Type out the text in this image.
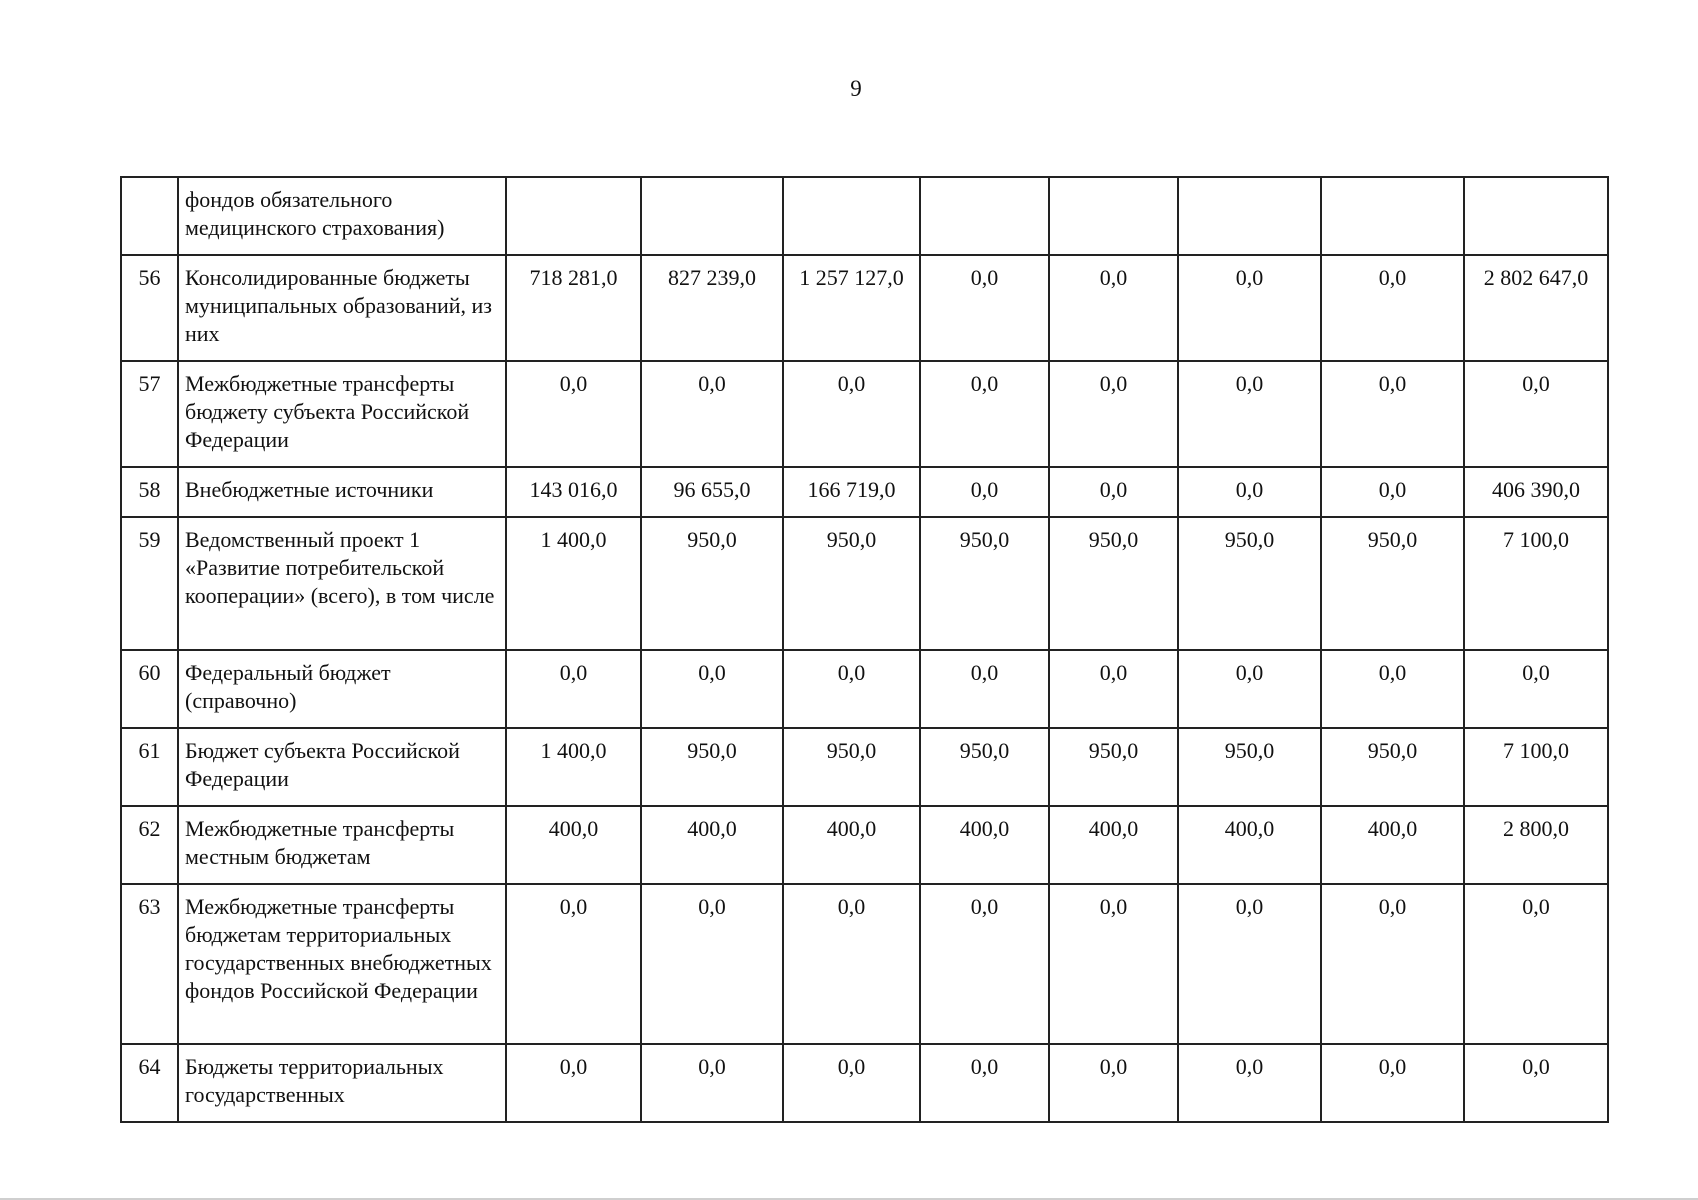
9
	фондов обязательного медицинского страхования)								
56	Консолидированные бюджеты муниципальных образований, из них	718 281,0	827 239,0	1 257 127,0	0,0	0,0	0,0	0,0	2 802 647,0
57	Межбюджетные трансферты бюджету субъекта Российской Федерации	0,0	0,0	0,0	0,0	0,0	0,0	0,0	0,0
58	Внебюджетные источники	143 016,0	96 655,0	166 719,0	0,0	0,0	0,0	0,0	406 390,0
59	Ведомственный проект 1 «Развитие потребительской кооперации» (всего), в том числе	1 400,0	950,0	950,0	950,0	950,0	950,0	950,0	7 100,0
60	Федеральный бюджет (справочно)	0,0	0,0	0,0	0,0	0,0	0,0	0,0	0,0
61	Бюджет субъекта Российской Федерации	1 400,0	950,0	950,0	950,0	950,0	950,0	950,0	7 100,0
62	Межбюджетные трансферты местным бюджетам	400,0	400,0	400,0	400,0	400,0	400,0	400,0	2 800,0
63	Межбюджетные трансферты бюджетам территориальных государственных внебюджетных фондов Российской Федерации	0,0	0,0	0,0	0,0	0,0	0,0	0,0	0,0
64	Бюджеты территориальных государственных	0,0	0,0	0,0	0,0	0,0	0,0	0,0	0,0
